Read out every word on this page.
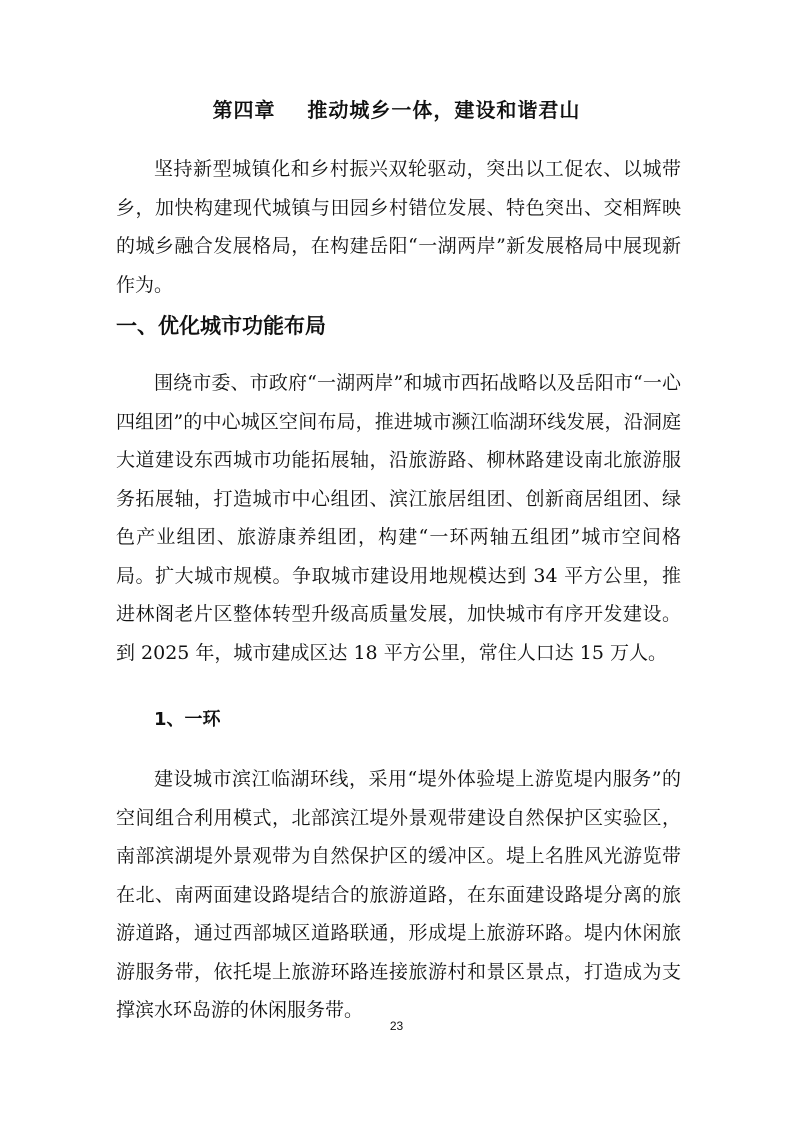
第四章    推动城乡一体，建设和谐君山

坚持新型城镇化和乡村振兴双轮驱动，突出以工促农、以城带乡，加快构建现代城镇与田园乡村错位发展、特色突出、交相辉映的城乡融合发展格局，在构建岳阳“一湖两岸”新发展格局中展现新作为。

一、优化城市功能布局

围绕市委、市政府“一湖两岸”和城市西拓战略以及岳阳市“一心四组团”的中心城区空间布局，推进城市濒江临湖环线发展，沿洞庭大道建设东西城市功能拓展轴，沿旅游路、柳林路建设南北旅游服务拓展轴，打造城市中心组团、滨江旅居组团、创新商居组团、绿色产业组团、旅游康养组团，构建“一环两轴五组团”城市空间格局。扩大城市规模。争取城市建设用地规模达到 34 平方公里，推进林阁老片区整体转型升级高质量发展，加快城市有序开发建设。到 2025 年，城市建成区达 18 平方公里，常住人口达 15 万人。

1、一环

建设城市滨江临湖环线，采用“堤外体验堤上游览堤内服务”的空间组合利用模式，北部滨江堤外景观带建设自然保护区实验区，南部滨湖堤外景观带为自然保护区的缓冲区。堤上名胜风光游览带在北、南两面建设路堤结合的旅游道路，在东面建设路堤分离的旅游道路，通过西部城区道路联通，形成堤上旅游环路。堤内休闲旅游服务带，依托堤上旅游环路连接旅游村和景区景点，打造成为支撑滨水环岛游的休闲服务带。

23
